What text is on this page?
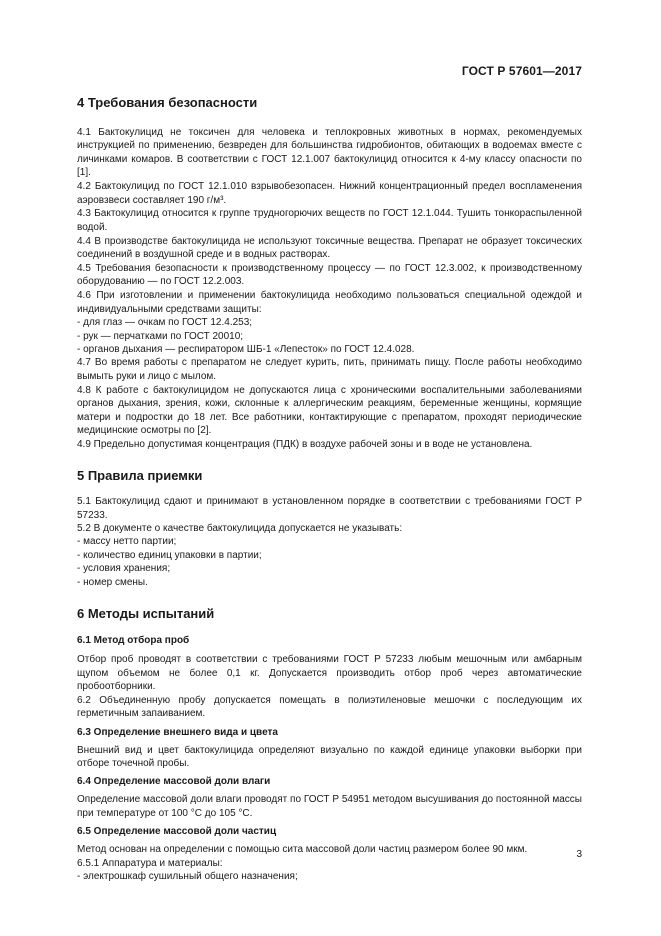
ГОСТ Р 57601—2017
4 Требования безопасности

4.1 Бактокулицид не токсичен для человека и теплокровных животных в нормах, рекомендуемых инструкцией по применению, безвреден для большинства гидробионтов, обитающих в водоемах вместе с личинками комаров. В соответствии с ГОСТ 12.1.007 бактокулицид относится к 4-му классу опасности по [1].

4.2 Бактокулицид по ГОСТ 12.1.010 взрывобезопасен. Нижний концентрационный предел воспламенения аэровзвеси составляет 190 г/м³.

4.3 Бактокулицид относится к группе трудногорючих веществ по ГОСТ 12.1.044. Тушить тонкораспыленной водой.

4.4 В производстве бактокулицида не используют токсичные вещества. Препарат не образует токсических соединений в воздушной среде и в водных растворах.

4.5 Требования безопасности к производственному процессу — по ГОСТ 12.3.002, к производственному оборудованию — по ГОСТ 12.2.003.

4.6 При изготовлении и применении бактокулицида необходимо пользоваться специальной одеждой и индивидуальными средствами защиты:

- для глаз — очкам по ГОСТ 12.4.253;

- рук — перчатками по ГОСТ 20010;

- органов дыхания — респиратором ШБ-1 «Лепесток» по ГОСТ 12.4.028.

4.7 Во время работы с препаратом не следует курить, пить, принимать пищу. После работы необходимо вымыть руки и лицо с мылом.

4.8 К работе с бактокулицидом не допускаются лица с хроническими воспалительными заболеваниями органов дыхания, зрения, кожи, склонные к аллергическим реакциям, беременные женщины, кормящие матери и подростки до 18 лет. Все работники, контактирующие с препаратом, проходят периодические медицинские осмотры по [2].

4.9 Предельно допустимая концентрация (ПДК) в воздухе рабочей зоны и в воде не установлена.

5 Правила приемки

5.1 Бактокулицид сдают и принимают в установленном порядке в соответствии с требованиями ГОСТ Р 57233.

5.2 В документе о качестве бактокулицида допускается не указывать:

- массу нетто партии;

- количество единиц упаковки в партии;

- условия хранения;

- номер смены.

6 Методы испытаний
6.1 Метод отбора проб

Отбор проб проводят в соответствии с требованиями ГОСТ Р 57233 любым мешочным или амбарным щупом объемом не более 0,1 кг. Допускается производить отбор проб через автоматические пробоотборники.

6.2 Объединенную пробу допускается помещать в полиэтиленовые мешочки с последующим их герметичным запаиванием.

6.3 Определение внешнего вида и цвета

Внешний вид и цвет бактокулицида определяют визуально по каждой единице упаковки выборки при отборе точечной пробы.

6.4 Определение массовой доли влаги

Определение массовой доли влаги проводят по ГОСТ Р 54951 методом высушивания до постоянной массы при температуре от 100 °С до 105 °С.

6.5 Определение массовой доли частиц

Метод основан на определении с помощью сита массовой доли частиц размером более 90 мкм.

6.5.1 Аппаратура и материалы:

- электрошкаф сушильный общего назначения;

3
